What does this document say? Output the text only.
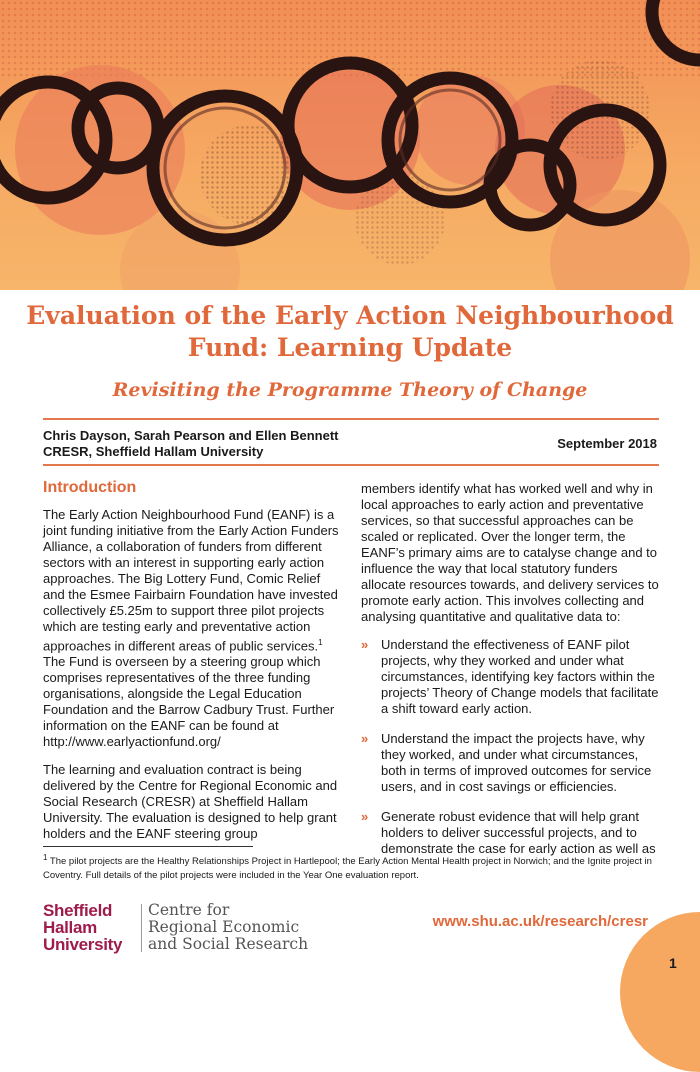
Evaluation of the Early Action Neighbourhood Fund: Learning Update
Revisiting the Programme Theory of Change
Chris Dayson, Sarah Pearson and Ellen Bennett
CRESR, Sheffield Hallam University
September 2018
Introduction

The Early Action Neighbourhood Fund (EANF) is a joint funding initiative from the Early Action Funders Alliance, a collaboration of funders from different sectors with an interest in supporting early action approaches. The Big Lottery Fund, Comic Relief and the Esmee Fairbairn Foundation have invested collectively £5.25m to support three pilot projects which are testing early and preventative action approaches in different areas of public services.$^1$ The Fund is overseen by a steering group which comprises representatives of the three funding organisations, alongside the Legal Education Foundation and the Barrow Cadbury Trust. Further information on the EANF can be found at http://www.earlyactionfund.org/

The learning and evaluation contract is being delivered by the Centre for Regional Economic and Social Research (CRESR) at Sheffield Hallam University. The evaluation is designed to help grant holders and the EANF steering group

members identify what has worked well and why in local approaches to early action and preventative services, so that successful approaches can be scaled or replicated. Over the longer term, the EANF’s primary aims are to catalyse change and to influence the way that local statutory funders allocate resources towards, and delivery services to promote early action. This involves collecting and analysing quantitative and qualitative data to:

» Understand the effectiveness of EANF pilot projects, why they worked and under what circumstances, identifying key factors within the projects’ Theory of Change models that facilitate a shift toward early action.
» Understand the impact the projects have, why they worked, and under what circumstances, both in terms of improved outcomes for service users, and in cost savings or efficiencies.
» Generate robust evidence that will help grant holders to deliver successful projects, and to demonstrate the case for early action as well as
$^1$ The pilot projects are the Healthy Relationships Project in Hartlepool; the Early Action Mental Health project in Norwich; and the Ignite project in Coventry. Full details of the pilot projects were included in the Year One evaluation report.
Sheffield
Hallam
University
Centre for
Regional Economic
and Social Research
www.shu.ac.uk/research/cresr
1
